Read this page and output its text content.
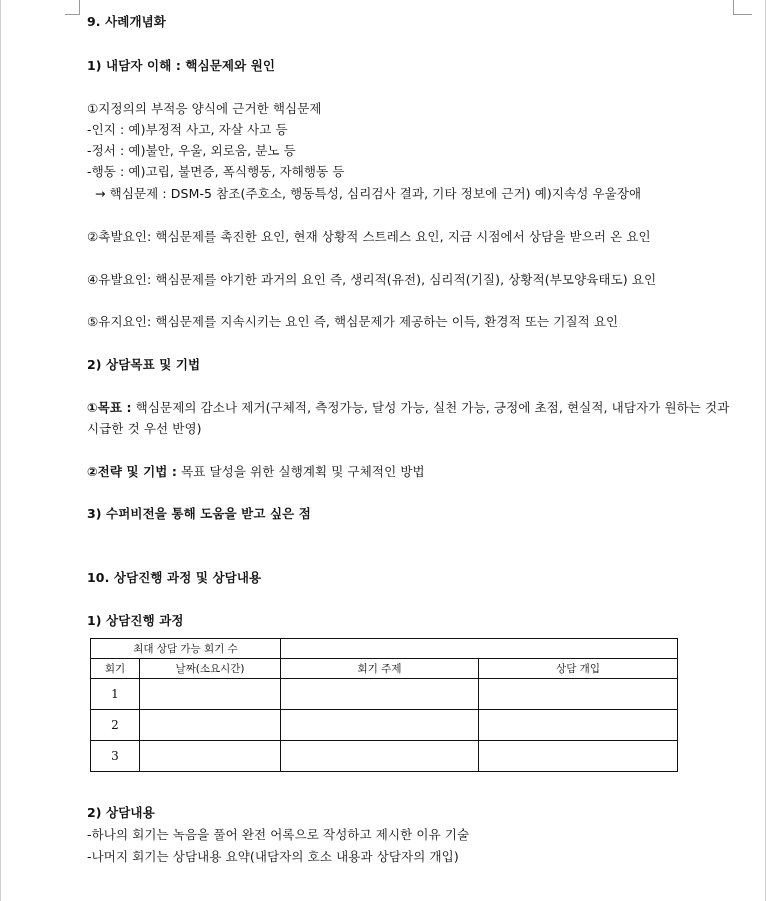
9. 사례개념화
1) 내담자 이해 : 핵심문제와 원인
①지정의의 부적응 양식에 근거한 핵심문제
-인지 : 예)부정적 사고, 자살 사고 등
-정서 : 예)불안, 우울, 외로움, 분노 등
-행동 : 예)고립, 불면증, 폭식행동, 자해행동 등
→ 핵심문제 : DSM-5 참조(주호소, 행동특성, 심리검사 결과, 기타 정보에 근거) 예)지속성 우울장애
②촉발요인: 핵심문제를 촉진한 요인, 현재 상황적 스트레스 요인, 지금 시점에서 상담을 받으러 온 요인
④유발요인: 핵심문제를 야기한 과거의 요인 즉, 생리적(유전), 심리적(기질), 상황적(부모양육태도) 요인
⑤유지요인: 핵심문제를 지속시키는 요인 즉, 핵심문제가 제공하는 이득, 환경적 또는 기질적 요인
2) 상담목표 및 기법
①목표 : 핵심문제의 감소나 제거(구체적, 측정가능, 달성 가능, 실천 가능, 긍정에 초점, 현실적, 내담자가 원하는 것과 시급한 것 우선 반영)
②전략 및 기법 : 목표 달성을 위한 실행계획 및 구체적인 방법
3) 수퍼비전을 통해 도움을 받고 싶은 점
10. 상담진행 과정 및 상담내용
1) 상담진행 과정
최대 상담 가능 회기 수			
회기	날짜(소요시간)	회기 주제	상담 개입
1			
2			
3			
2) 상담내용
-하나의 회기는 녹음을 풀어 완전 어록으로 작성하고 제시한 이유 기술
-나머지 회기는 상담내용 요약(내담자의 호소 내용과 상담자의 개입)
